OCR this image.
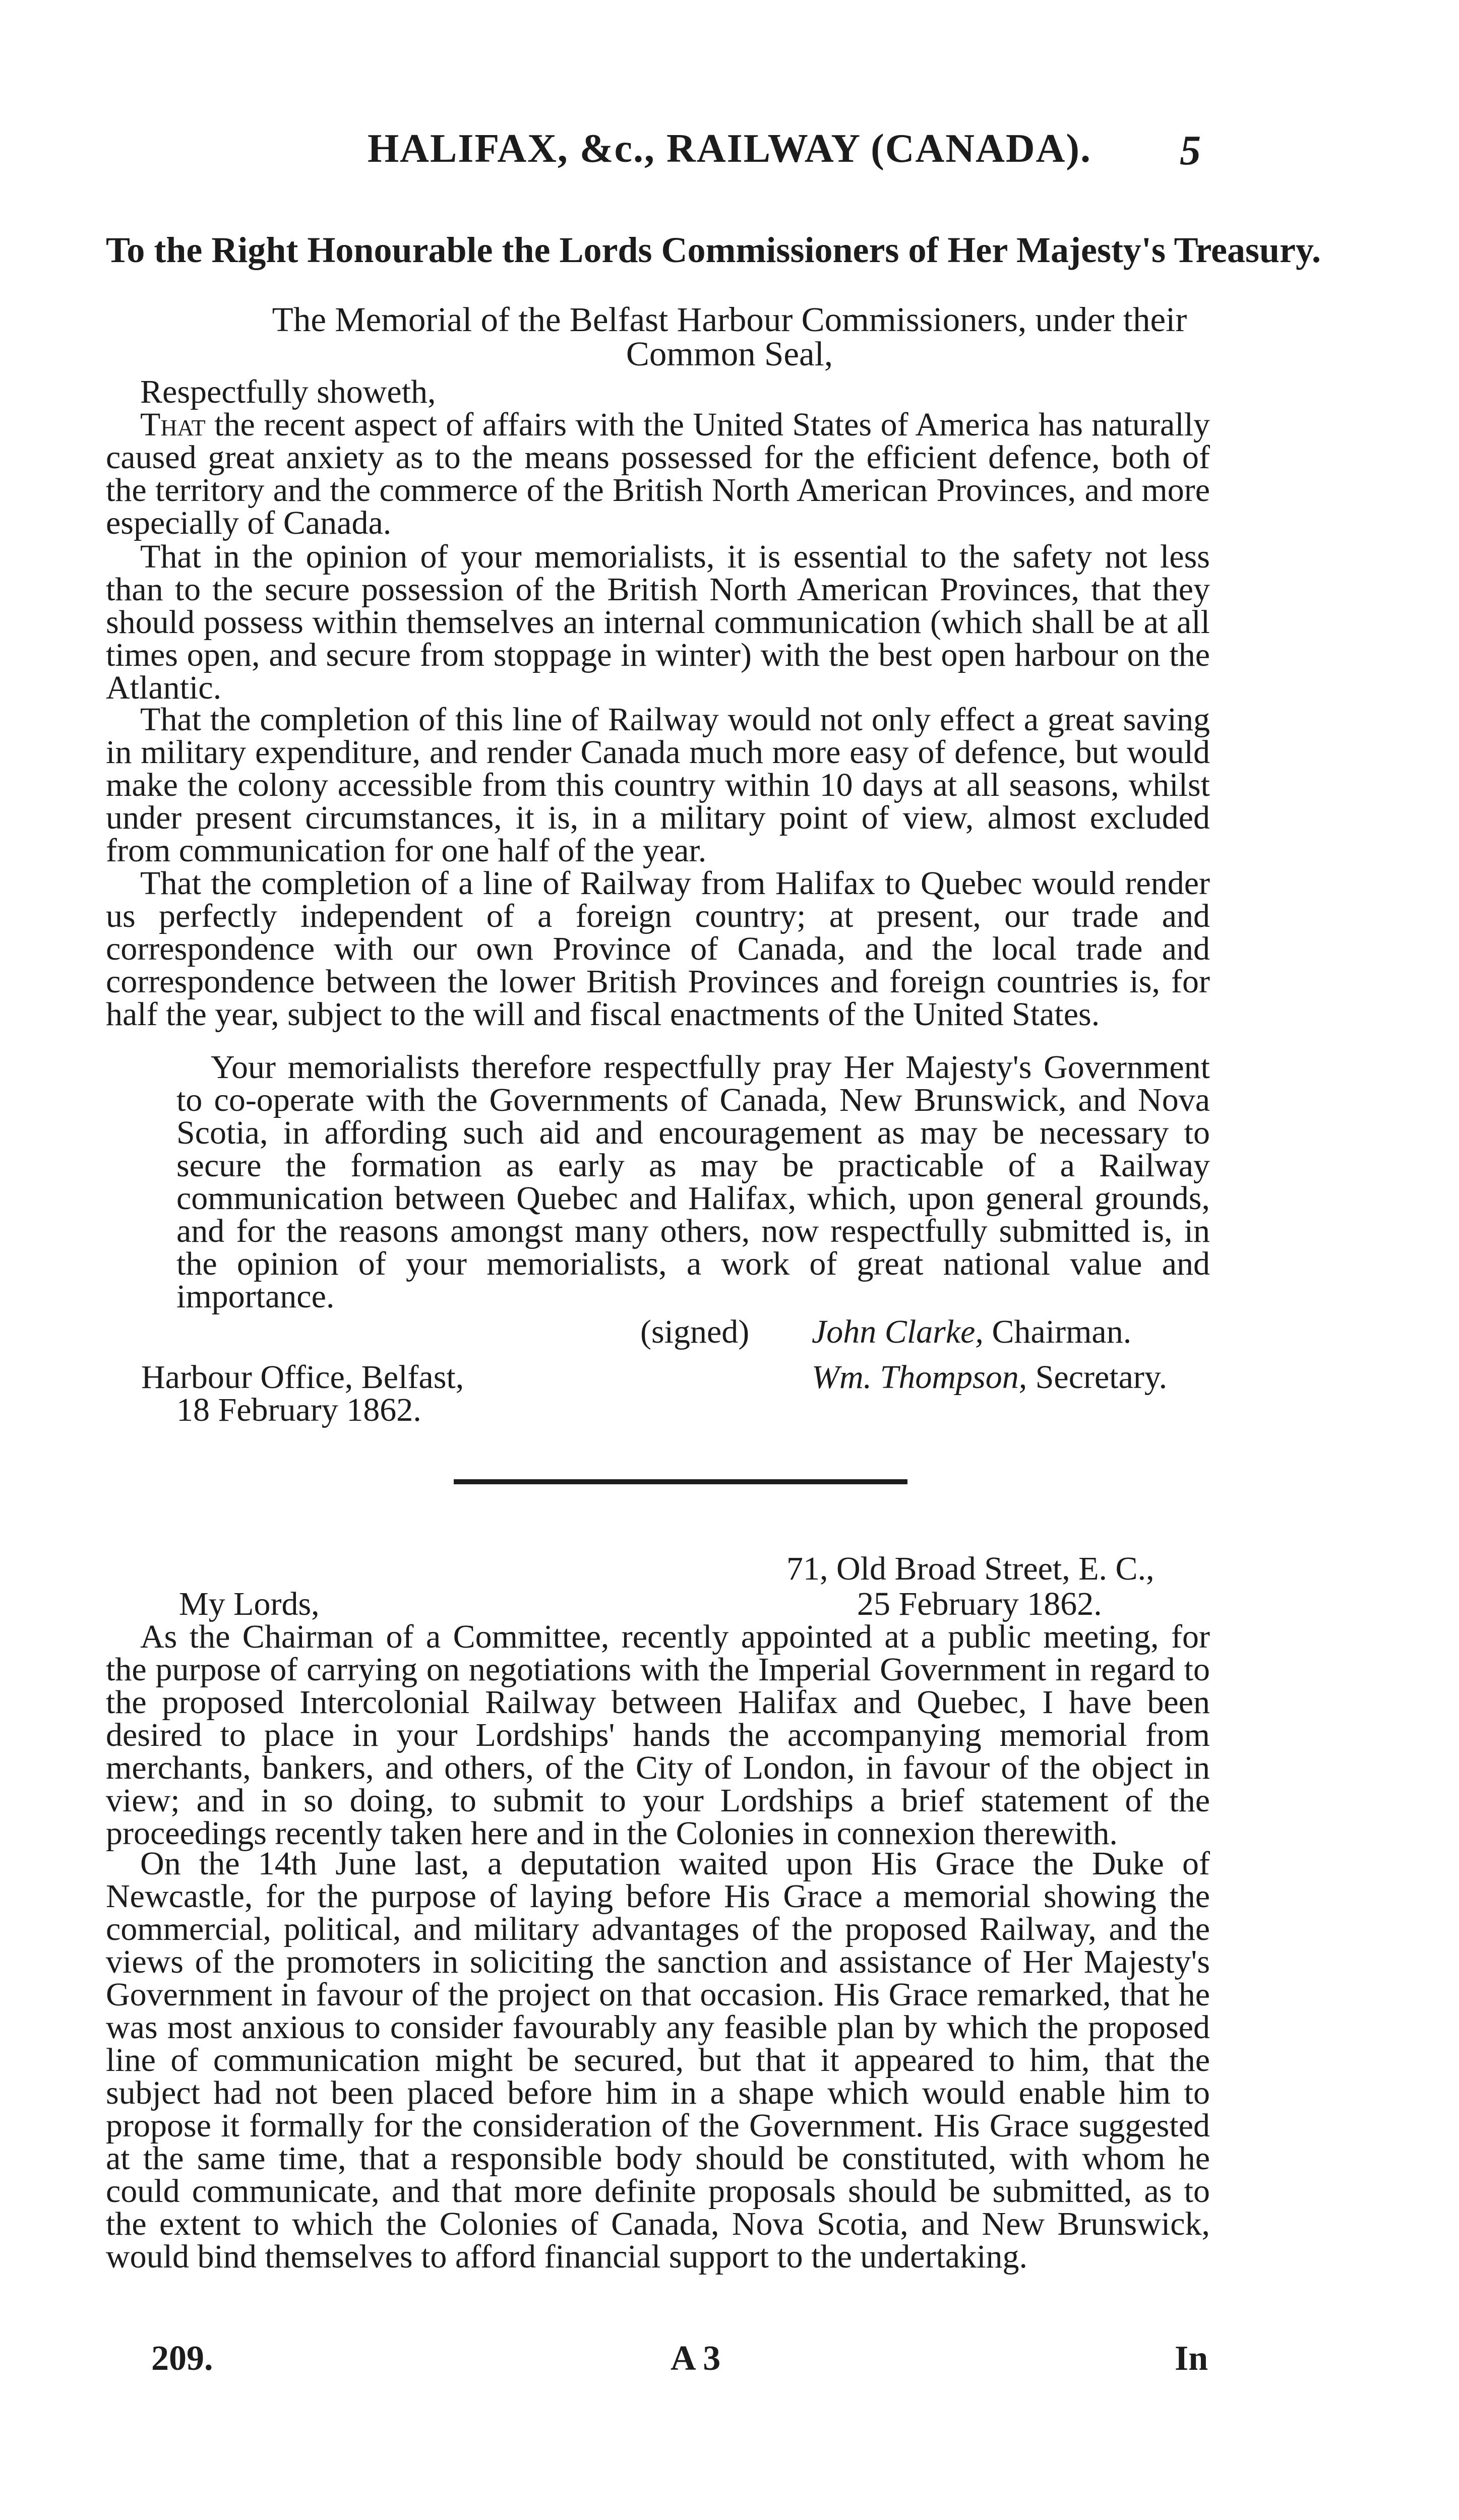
HALIFAX, &c., RAILWAY (CANADA).	5
To the Right Honourable the Lords Commissioners of Her Majesty's Treasury.
The Memorial of the Belfast Harbour Commissioners, under their
Common Seal,
Respectfully showeth,
That the recent aspect of affairs with the United States of America has naturally caused great anxiety as to the means possessed for the efficient defence, both of the territory and the commerce of the British North American Provinces, and more especially of Canada.
That in the opinion of your memorialists, it is essential to the safety not less than to the secure possession of the British North American Provinces, that they should possess within themselves an internal communication (which shall be at all times open, and secure from stoppage in winter) with the best open harbour on the Atlantic.
That the completion of this line of Railway would not only effect a great saving in military expenditure, and render Canada much more easy of defence, but would make the colony accessible from this country within 10 days at all seasons, whilst under present circumstances, it is, in a military point of view, almost excluded from communication for one half of the year.
That the completion of a line of Railway from Halifax to Quebec would render us perfectly independent of a foreign country; at present, our trade and correspondence with our own Province of Canada, and the local trade and correspondence between the lower British Provinces and foreign countries is, for half the year, subject to the will and fiscal enactments of the United States.
Your memorialists therefore respectfully pray Her Majesty's Government to co-operate with the Governments of Canada, New Brunswick, and Nova Scotia, in affording such aid and encouragement as may be necessary to secure the formation as early as may be practicable of a Railway communication between Quebec and Halifax, which, upon general grounds, and for the reasons amongst many others, now respectfully submitted is, in the opinion of your memorialists, a work of great national value and importance.
(signed) John Clarke, Chairman.
Harbour Office, Belfast,	Wm. Thompson, Secretary.
18 February 1862.
71, Old Broad Street, E. C.,
My Lords,	25 February 1862.
As the Chairman of a Committee, recently appointed at a public meeting, for the purpose of carrying on negotiations with the Imperial Government in regard to the proposed Intercolonial Railway between Halifax and Quebec, I have been desired to place in your Lordships' hands the accompanying memorial from merchants, bankers, and others, of the City of London, in favour of the object in view; and in so doing, to submit to your Lordships a brief statement of the proceedings recently taken here and in the Colonies in connexion therewith.
On the 14th June last, a deputation waited upon His Grace the Duke of Newcastle, for the purpose of laying before His Grace a memorial showing the commercial, political, and military advantages of the proposed Railway, and the views of the promoters in soliciting the sanction and assistance of Her Majesty's Government in favour of the project on that occasion. His Grace remarked, that he was most anxious to consider favourably any feasible plan by which the proposed line of communication might be secured, but that it appeared to him, that the subject had not been placed before him in a shape which would enable him to propose it formally for the consideration of the Government. His Grace suggested at the same time, that a responsible body should be constituted, with whom he could communicate, and that more definite proposals should be submitted, as to the extent to which the Colonies of Canada, Nova Scotia, and New Brunswick, would bind themselves to afford financial support to the undertaking.
209.	A 3	In
